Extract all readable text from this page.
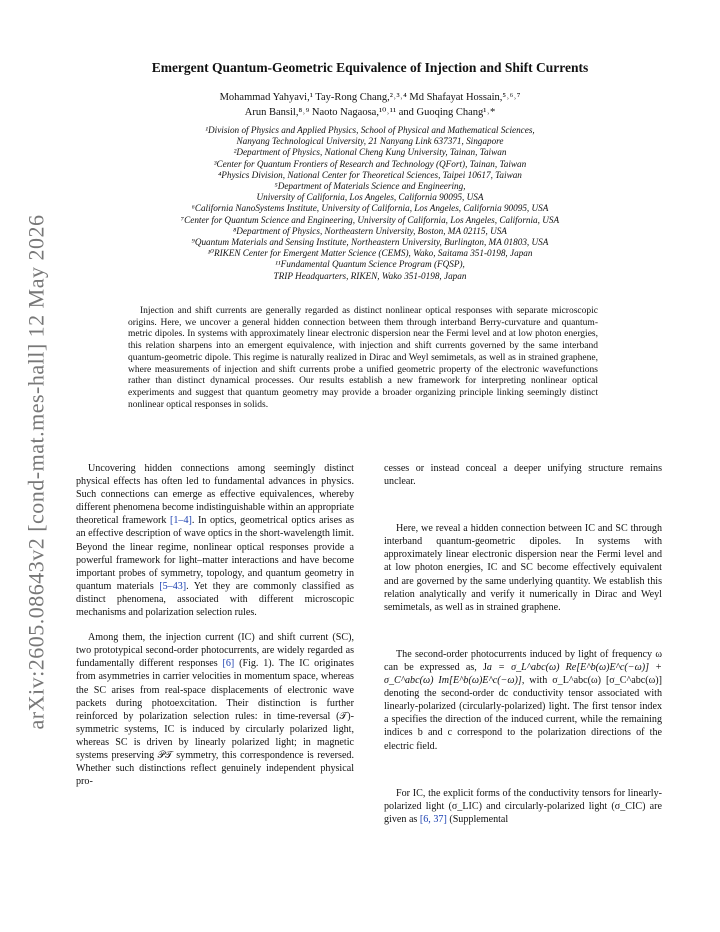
arXiv:2605.08643v2 [cond-mat.mes-hall] 12 May 2026
Emergent Quantum-Geometric Equivalence of Injection and Shift Currents
Mohammad Yahyavi,¹ Tay-Rong Chang,²˒³˒⁴ Md Shafayat Hossain,⁵˒⁶˒⁷
Arun Bansil,⁸˒⁹ Naoto Nagaosa,¹⁰˒¹¹ and Guoqing Chang¹˒*
¹Division of Physics and Applied Physics, School of Physical and Mathematical Sciences,
Nanyang Technological University, 21 Nanyang Link 637371, Singapore
²Department of Physics, National Cheng Kung University, Tainan, Taiwan
³Center for Quantum Frontiers of Research and Technology (QFort), Tainan, Taiwan
⁴Physics Division, National Center for Theoretical Sciences, Taipei 10617, Taiwan
⁵Department of Materials Science and Engineering,
University of California, Los Angeles, California 90095, USA
⁶California NanoSystems Institute, University of California, Los Angeles, California 90095, USA
⁷Center for Quantum Science and Engineering, University of California, Los Angeles, California, USA
⁸Department of Physics, Northeastern University, Boston, MA 02115, USA
⁹Quantum Materials and Sensing Institute, Northeastern University, Burlington, MA 01803, USA
¹⁰RIKEN Center for Emergent Matter Science (CEMS), Wako, Saitama 351-0198, Japan
¹¹Fundamental Quantum Science Program (FQSP),
TRIP Headquarters, RIKEN, Wako 351-0198, Japan

Injection and shift currents are generally regarded as distinct nonlinear optical responses with separate microscopic origins. Here, we uncover a general hidden connection between them through interband Berry-curvature and quantum-metric dipoles. In systems with approximately linear electronic dispersion near the Fermi level and at low photon energies, this relation sharpens into an emergent equivalence, with injection and shift currents governed by the same interband quantum-geometric dipole. This regime is naturally realized in Dirac and Weyl semimetals, as well as in strained graphene, where measurements of injection and shift currents probe a unified geometric property of the electronic wavefunctions rather than distinct dynamical processes. Our results establish a new framework for interpreting nonlinear optical experiments and suggest that quantum geometry may provide a broader organizing principle linking seemingly distinct nonlinear optical responses in solids.

Uncovering hidden connections among seemingly distinct physical effects has often led to fundamental advances in physics. Such connections can emerge as effective equivalences, whereby different phenomena become indistinguishable within an appropriate theoretical framework [1–4]. In optics, geometrical optics arises as an effective description of wave optics in the short-wavelength limit. Beyond the linear regime, nonlinear optical responses provide a powerful framework for light–matter interactions and have become important probes of symmetry, topology, and quantum geometry in quantum materials [5–43]. Yet they are commonly classified as distinct phenomena, associated with different microscopic mechanisms and polarization selection rules.

Among them, the injection current (IC) and shift current (SC), two prototypical second-order photocurrents, are widely regarded as fundamentally different responses [6] (Fig. 1). The IC originates from asymmetries in carrier velocities in momentum space, whereas the SC arises from real-space displacements of electronic wave packets during photoexcitation. Their distinction is further reinforced by polarization selection rules: in time-reversal (𝒯)-symmetric systems, IC is induced by circularly polarized light, whereas SC is driven by linearly polarized light; in magnetic systems preserving 𝒫𝒯 symmetry, this correspondence is reversed. Whether such distinctions reflect genuinely independent physical pro-

cesses or instead conceal a deeper unifying structure remains unclear.

Here, we reveal a hidden connection between IC and SC through interband quantum-geometric dipoles. In systems with approximately linear electronic dispersion near the Fermi level and at low photon energies, IC and SC become effectively equivalent and are governed by the same underlying quantity. We establish this relation analytically and verify it numerically in Dirac and Weyl semimetals, as well as in strained graphene.

The second-order photocurrents induced by light of frequency ω can be expressed as, Ja = σ_L^abc(ω) Re[E^b(ω)E^c(−ω)] + σ_C^abc(ω) Im[E^b(ω)E^c(−ω)], with σ_L^abc(ω) [σ_C^abc(ω)] denoting the second-order dc conductivity tensor associated with linearly-polarized (circularly-polarized) light. The first tensor index a specifies the direction of the induced current, while the remaining indices b and c correspond to the polarization directions of the electric field.

For IC, the explicit forms of the conductivity tensors for linearly-polarized light (σ_LIC) and circularly-polarized light (σ_CIC) are given as [6, 37] (Supplemental
